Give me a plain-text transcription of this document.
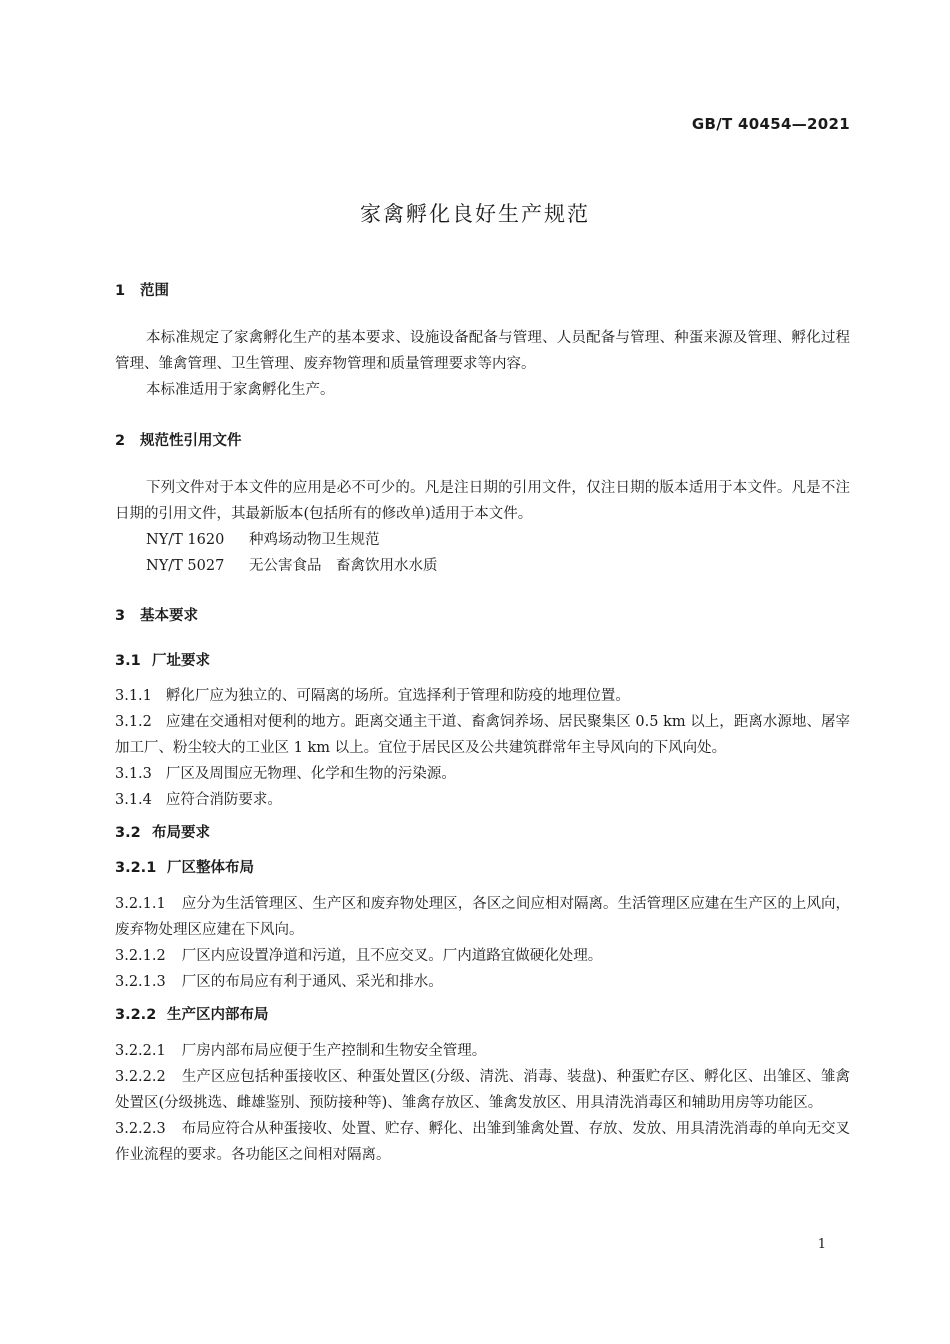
GB/T 40454—2021
家禽孵化良好生产规范
1 范围

本标准规定了家禽孵化生产的基本要求、设施设备配备与管理、人员配备与管理、种蛋来源及管理、孵化过程管理、雏禽管理、卫生管理、废弃物管理和质量管理要求等内容。

本标准适用于家禽孵化生产。

2 规范性引用文件

下列文件对于本文件的应用是必不可少的。凡是注日期的引用文件，仅注日期的版本适用于本文件。凡是不注日期的引用文件，其最新版本(包括所有的修改单)适用于本文件。

NY/T 1620 种鸡场动物卫生规范
NY/T 5027 无公害食品　畜禽饮用水水质
3 基本要求
3.1 厂址要求

3.1.1 孵化厂应为独立的、可隔离的场所。宜选择利于管理和防疫的地理位置。

3.1.2 应建在交通相对便利的地方。距离交通主干道、畜禽饲养场、居民聚集区 0.5 km 以上，距离水源地、屠宰加工厂、粉尘较大的工业区 1 km 以上。宜位于居民区及公共建筑群常年主导风向的下风向处。

3.1.3 厂区及周围应无物理、化学和生物的污染源。

3.1.4 应符合消防要求。

3.2 布局要求
3.2.1 厂区整体布局

3.2.1.1 应分为生活管理区、生产区和废弃物处理区，各区之间应相对隔离。生活管理区应建在生产区的上风向，废弃物处理区应建在下风向。

3.2.1.2 厂区内应设置净道和污道，且不应交叉。厂内道路宜做硬化处理。

3.2.1.3 厂区的布局应有利于通风、采光和排水。

3.2.2 生产区内部布局

3.2.2.1 厂房内部布局应便于生产控制和生物安全管理。

3.2.2.2 生产区应包括种蛋接收区、种蛋处置区(分级、清洗、消毒、装盘)、种蛋贮存区、孵化区、出雏区、雏禽处置区(分级挑选、雌雄鉴别、预防接种等)、雏禽存放区、雏禽发放区、用具清洗消毒区和辅助用房等功能区。

3.2.2.3 布局应符合从种蛋接收、处置、贮存、孵化、出雏到雏禽处置、存放、发放、用具清洗消毒的单向无交叉作业流程的要求。各功能区之间相对隔离。

1
